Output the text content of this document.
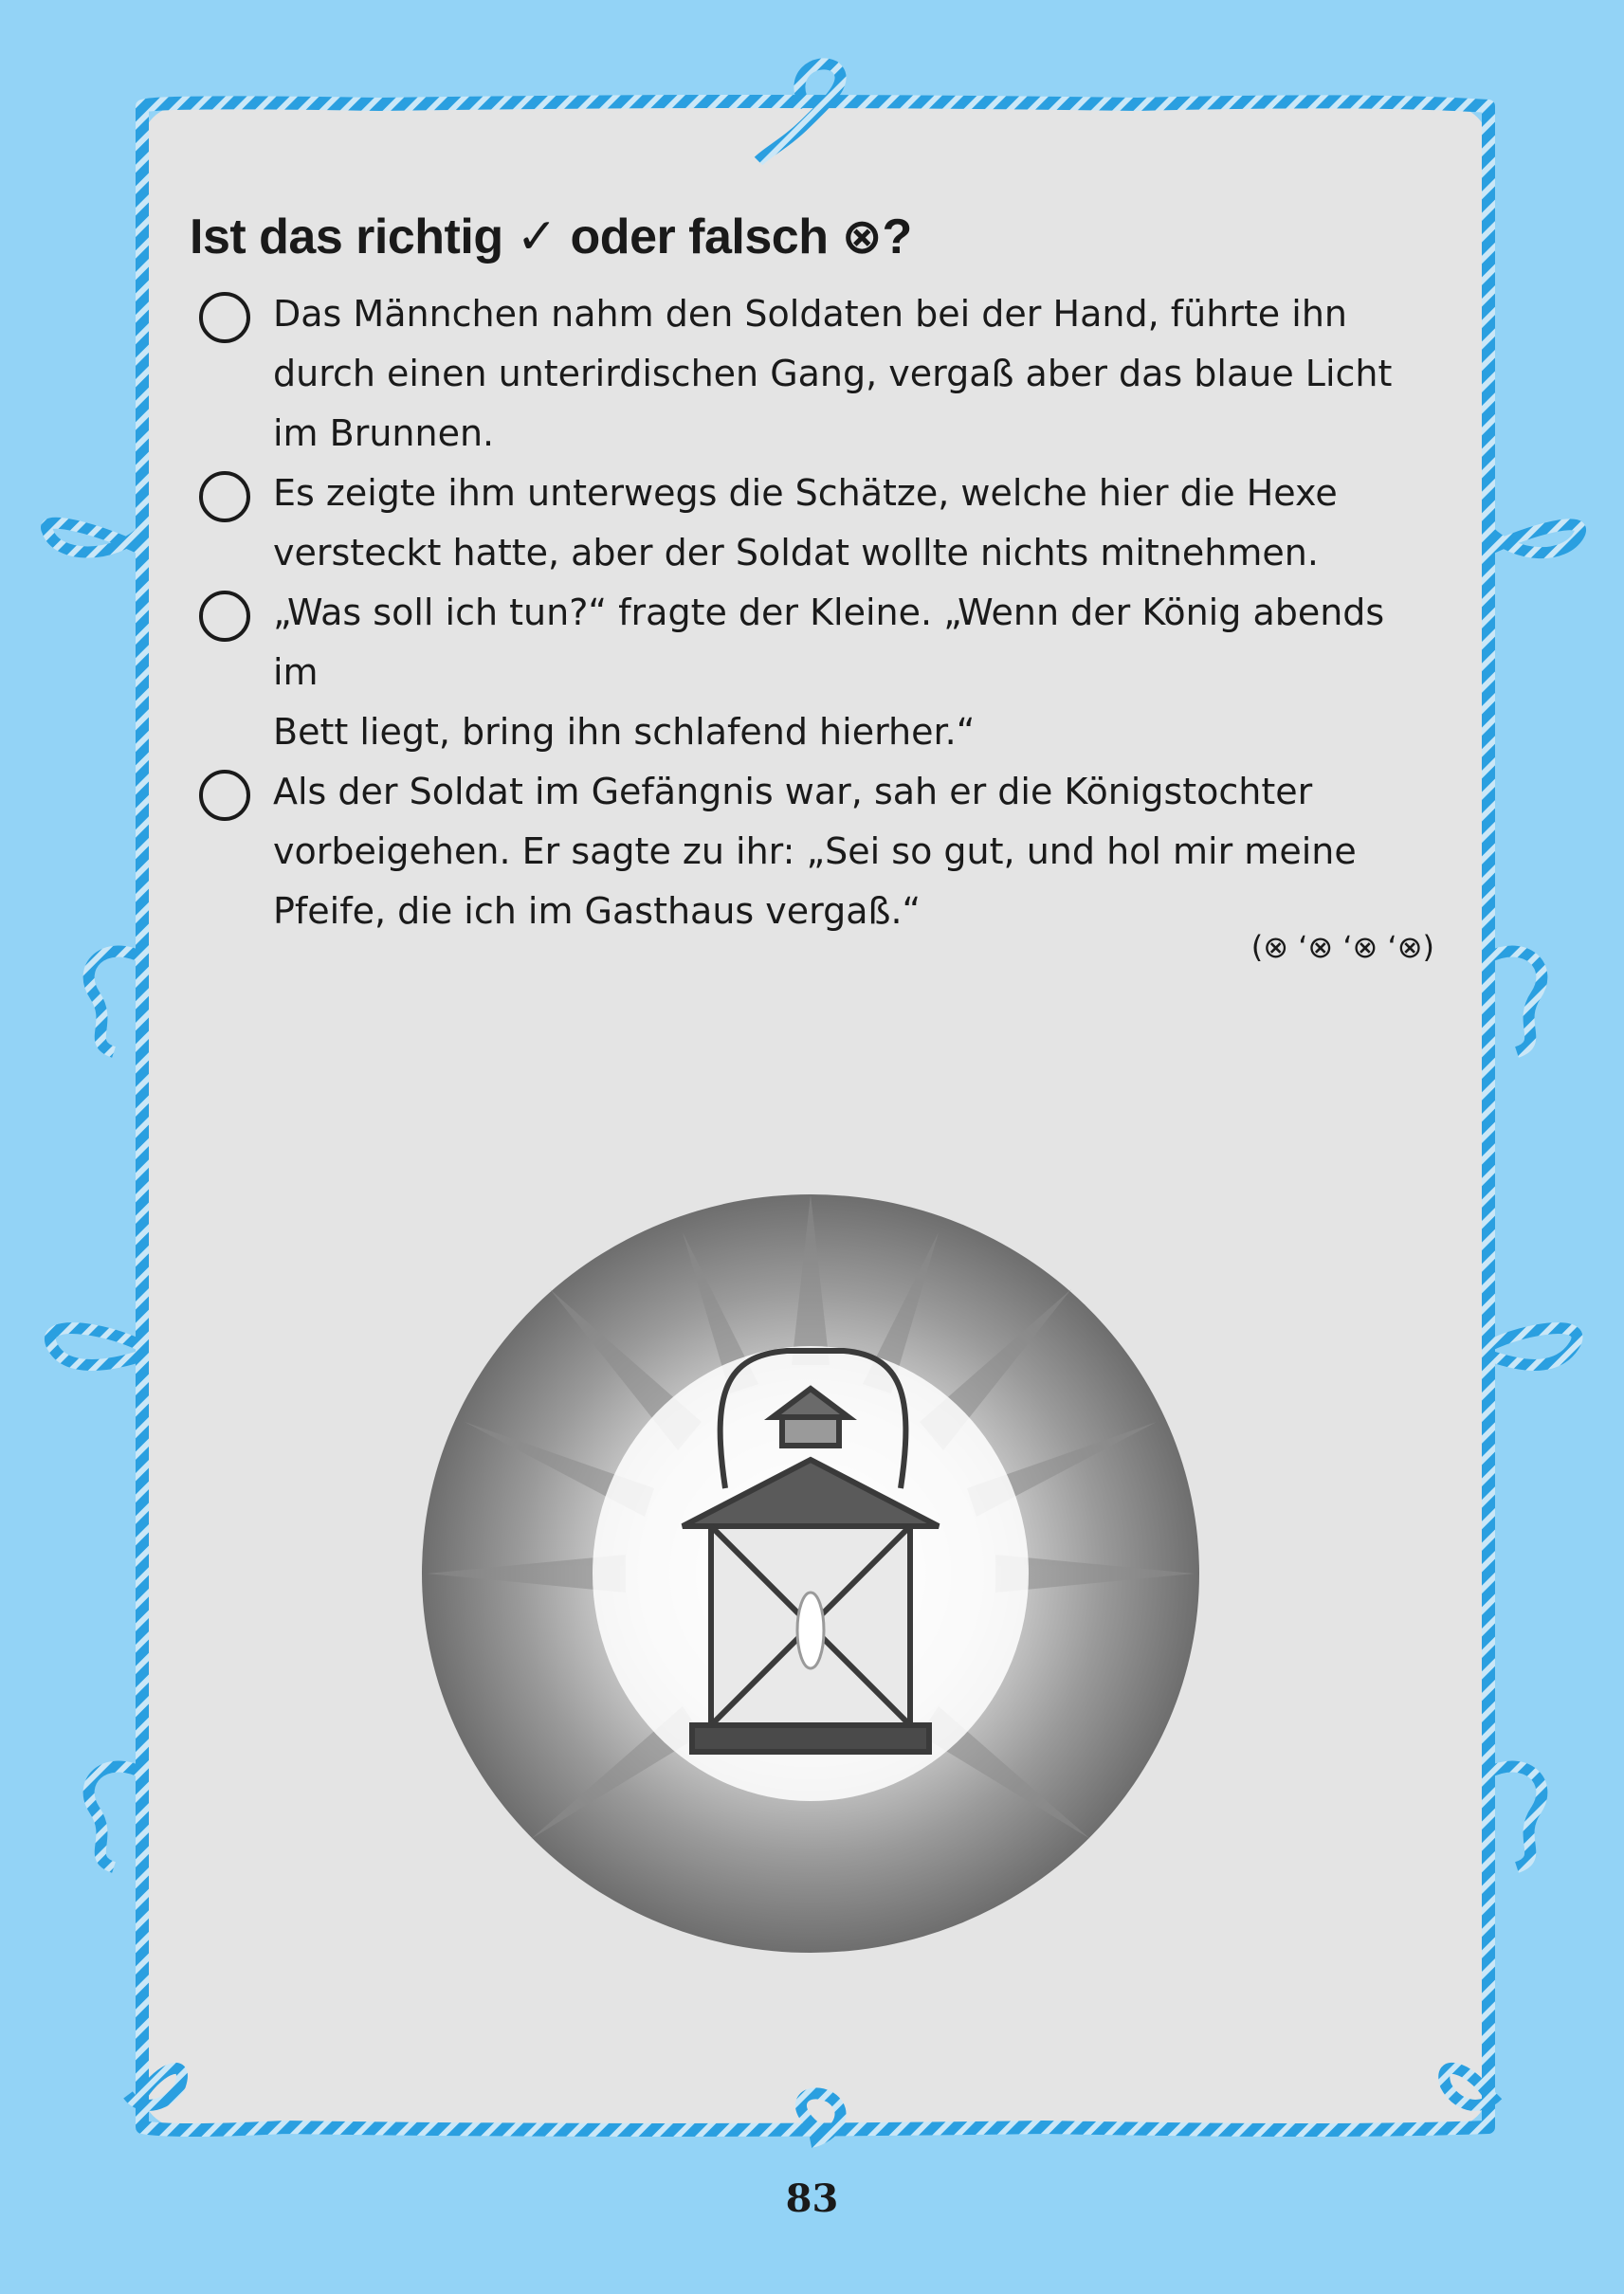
Ist das richtig ✓ oder falsch ⊗?
Das Männchen nahm den Soldaten bei der Hand, führte ihn
durch einen unterirdischen Gang, vergaß aber das blaue Licht
im Brunnen.
Es zeigte ihm unterwegs die Schätze, welche hier die Hexe
versteckt hatte, aber der Soldat wollte nichts mitnehmen.
„Was soll ich tun?“ fragte der Kleine. „Wenn der König abends im
Bett liegt, bring ihn schlafend hierher.“
Als der Soldat im Gefängnis war, sah er die Königstochter
vorbeigehen. Er sagte zu ihr: „Sei so gut, und hol mir meine
Pfeife, die ich im Gasthaus vergaß.“
(⊗ ‘⊗ ‘⊗ ‘⊗)
83
